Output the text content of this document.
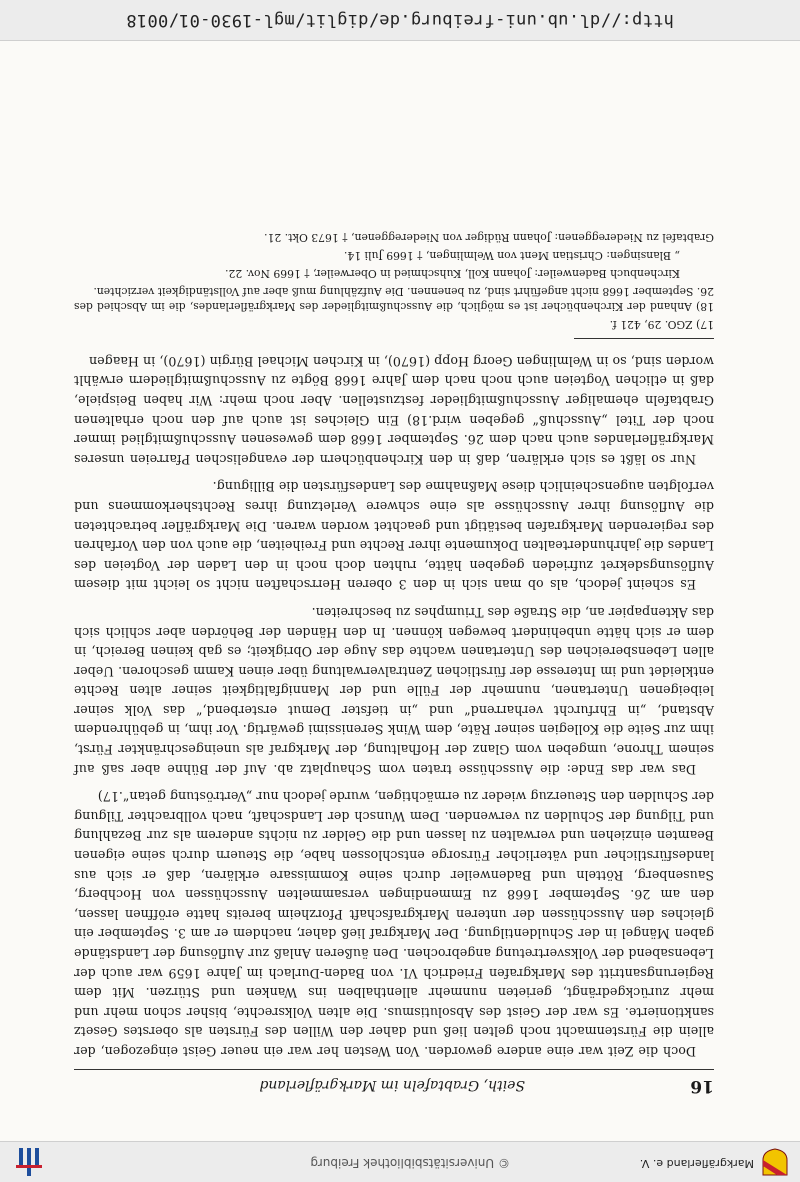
Markgräflerland e. V.
© Universitätsbibliothek Freiburg
16
Seith, Grabtafeln im Markgräflerland

Doch die Zeit war eine andere geworden. Von Westen her war ein neuer Geist eingezogen, der allein die Fürstenmacht noch gelten ließ und daher den Willen des Fürsten als oberstes Gesetz sanktionierte. Es war der Geist des Absolutismus. Die alten Volksrechte, bisher schon mehr und mehr zurückgedrängt, gerieten nunmehr allenthalben ins Wanken und Stürzen. Mit dem Regierungsantritt des Markgrafen Friedrich VI. von Baden-Durlach im Jahre 1659 war auch der Lebensabend der Volksvertretung angebrochen. Den äußeren Anlaß zur Auflösung der Landstände gaben Mängel in der Schuldentilgung. Der Markgraf ließ daher, nachdem er am 3. September ein gleiches den Ausschüssen der unteren Markgrafschaft Pforzheim bereits hatte eröffnen lassen, den am 26. September 1668 zu Emmendingen versammelten Ausschüssen von Hochberg, Sausenberg, Rötteln und Badenweiler durch seine Kommissare erklären, daß er sich aus landesfürstlicher und väterlicher Fürsorge entschlossen habe, die Steuern durch seine eigenen Beamten einziehen und verwalten zu lassen und die Gelder zu nichts anderem als zur Bezahlung und Tilgung der Schulden zu verwenden. Dem Wunsch der Landschaft, nach vollbrachter Tilgung der Schulden den Steuerzug wieder zu ermächtigen, wurde jedoch nur „Vertröstung getan“.17)

Das war das Ende: die Ausschüsse traten vom Schauplatz ab. Auf der Bühne aber saß auf seinem Throne, umgeben vom Glanz der Hofhaltung, der Markgraf als uneingeschränkter Fürst, ihm zur Seite die Kollegien seiner Räte, dem Wink Serenissimi gewärtig. Vor ihm, in gebührendem Abstand, „in Ehrfurcht verharrend“ und „in tiefster Demut ersterbend,“ das Volk seiner leibeigenen Untertanen, nunmehr der Fülle und der Mannigfaltigkeit seiner alten Rechte entkleidet und im Interesse der fürstlichen Zentralverwaltung über einen Kamm geschoren. Ueber allen Lebensbereichen des Untertanen wachte das Auge der Obrigkeit; es gab keinen Bereich, in dem er sich hätte unbehindert bewegen können. In den Händen der Behörden aber schlich sich das Aktenpapier an, die Straße des Triumphes zu beschreiten.

Es scheint jedoch, als ob man sich in den 3 oberen Herrschaften nicht so leicht mit diesem Auflösungsdekret zufrieden gegeben hätte, ruhten doch noch in den Laden der Vogteien des Landes die jahrhundertealten Dokumente ihrer Rechte und Freiheiten, die auch von den Vorfahren des regierenden Markgrafen bestätigt und geachtet worden waren. Die Markgräfler betrachteten die Auflösung ihrer Ausschüsse als eine schwere Verletzung ihres Rechtsherkommens und verfolgten augenscheinlich diese Maßnahme des Landesfürsten die Billigung.

Nur so läßt es sich erklären, daß in den Kirchenbüchern der evangelischen Pfarreien unseres Markgräflerlandes auch nach dem 26. September 1668 dem gewesenen Ausschußmitglied immer noch der Titel „Ausschuß“ gegeben wird.18) Ein Gleiches ist auch auf den noch erhaltenen Grabtafeln ehemaliger Ausschußmitglieder festzustellen. Aber noch mehr: Wir haben Beispiele, daß in etlichen Vogteien auch noch nach dem Jahre 1668 Bögte zu Ausschußmitgliedern erwählt worden sind, so in Welmlingen Georg Hopp (1670), in Kirchen Michael Bürgin (1670), in Haagen

17) ZGO. 29, 421 f.

18) Anhand der Kirchenbücher ist es möglich, die Ausschußmitglieder des Markgräflerlandes, die im Abschied des 26. September 1668 nicht angeführt sind, zu benennen. Die Aufzählung muß aber auf Vollständigkeit verzichten.

Kirchenbuch Badenweiler: Johann Koll, Kuhschmied in Oberweiler, † 1669 Nov. 22.

„ Blansingen: Christian Ment von Welmlingen, † 1669 Juli 14.

Grabtafel zu Niedereggenen: Johann Rüdiger von Niedereggenen, † 1673 Okt. 21.

http://dl.ub.uni-freiburg.de/diglit/mgl-1930-01/0018
